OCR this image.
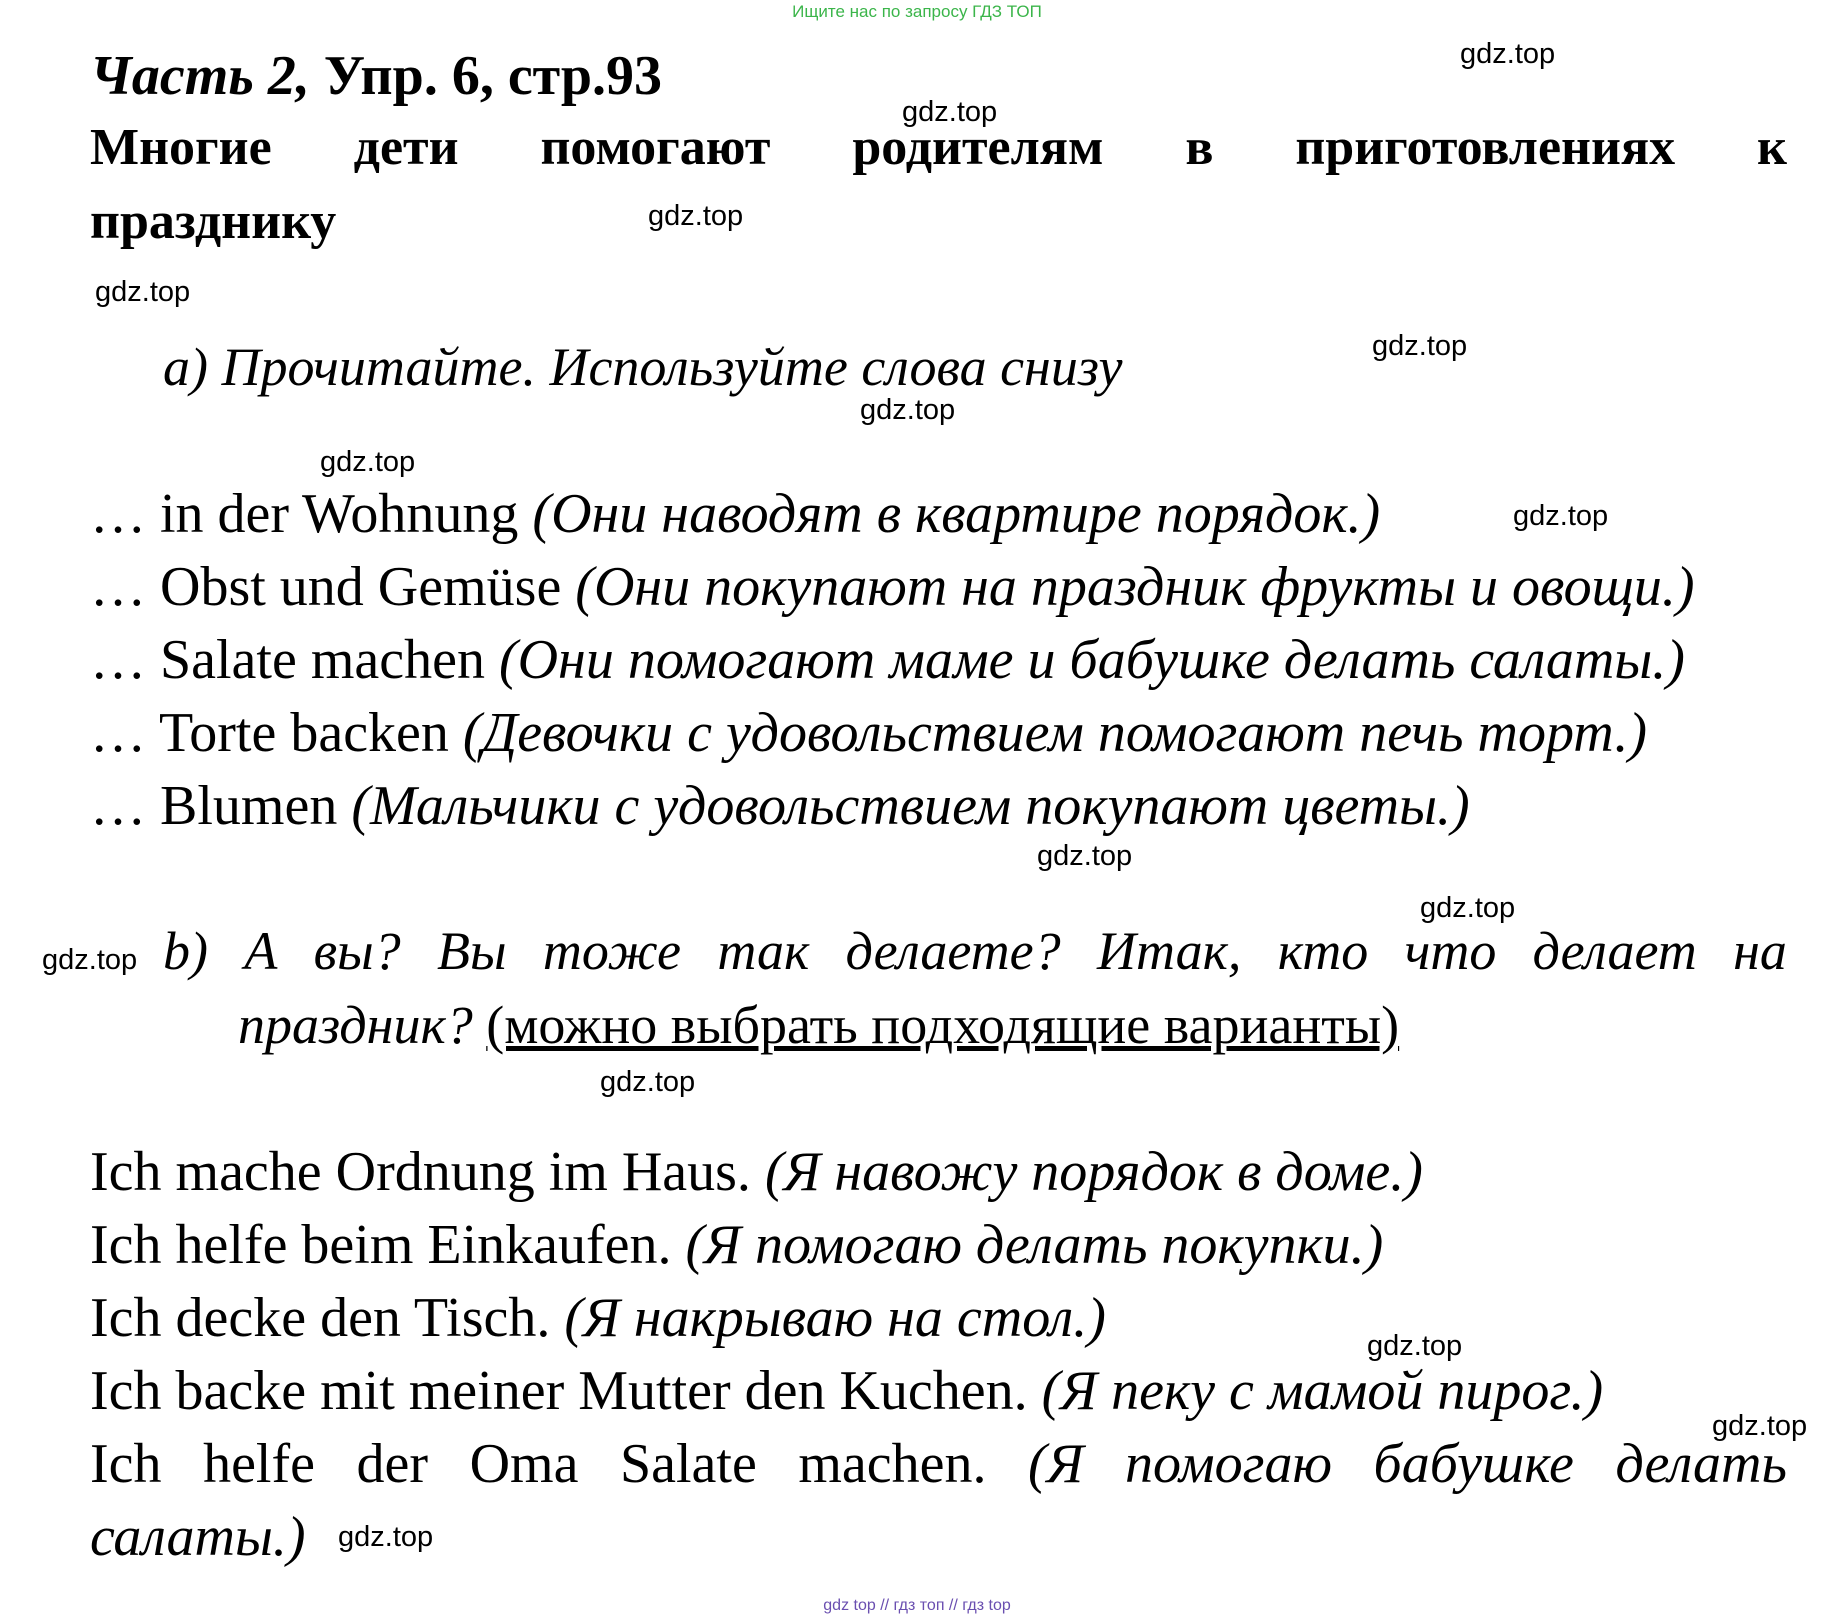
Ищите нас по запросу ГДЗ ТОП
Часть 2, Упр. 6, стр.93
Многие дети помогают родителям в приготовлениях к
празднику
a) Прочитайте. Используйте слова снизу
… in der Wohnung (Они наводят в квартире порядок.)
… Obst und Gemüse (Они покупают на праздник фрукты и овощи.)
… Salate machen (Они помогают маме и бабушке делать салаты.)
… Torte backen (Девочки с удовольствием помогают печь торт.)
… Blumen (Мальчики с удовольствием покупают цветы.)
b) А вы? Вы тоже так делаете? Итак, кто что делает на
праздник? (можно выбрать подходящие варианты)
Ich mache Ordnung im Haus. (Я навожу порядок в доме.)
Ich helfe beim Einkaufen. (Я помогаю делать покупки.)
Ich decke den Tisch. (Я накрываю на стол.)
Ich backe mit meiner Mutter den Kuchen. (Я пеку с мамой пирог.)
Ich helfe der Oma Salate machen. (Я помогаю бабушке делать
салаты.)
gdz.top
gdz.top
gdz.top
gdz.top
gdz.top
gdz.top
gdz.top
gdz.top
gdz.top
gdz.top
gdz.top
gdz.top
gdz.top
gdz.top
gdz.top
gdz top // гдз топ // гдз top
